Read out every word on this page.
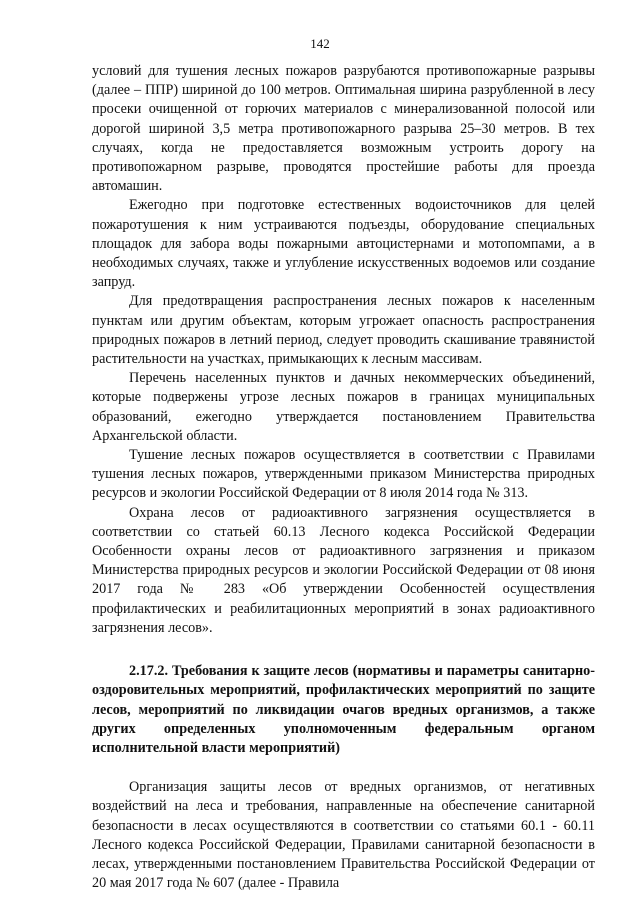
142

условий для тушения лесных пожаров разрубаются противопожарные разрывы (далее – ППР) шириной до 100 метров. Оптимальная ширина разрубленной в лесу просеки очищенной от горючих материалов с минерализованной полосой или дорогой шириной 3,5 метра противопожарного разрыва 25–30 метров. В тех случаях, когда не предоставляется возможным устроить дорогу на противопожарном разрыве, проводятся простейшие работы для проезда автомашин.

Ежегодно при подготовке естественных водоисточников для целей пожаротушения к ним устраиваются подъезды, оборудование специальных площадок для забора воды пожарными автоцистернами и мотопомпами, а в необходимых случаях, также и углубление искусственных водоемов или создание запруд.

Для предотвращения распространения лесных пожаров к населенным пунктам или другим объектам, которым угрожает опасность распространения природных пожаров в летний период, следует проводить скашивание травянистой растительности на участках, примыкающих к лесным массивам.

Перечень населенных пунктов и дачных некоммерческих объединений, которые подвержены угрозе лесных пожаров в границах муниципальных образований, ежегодно утверждается постановлением Правительства Архангельской области.

Тушение лесных пожаров осуществляется в соответствии с Правилами тушения лесных пожаров, утвержденными приказом Министерства природных ресурсов и экологии Российской Федерации от 8 июля 2014 года № 313.

Охрана лесов от радиоактивного загрязнения осуществляется в соответствии со статьей 60.13 Лесного кодекса Российской Федерации Особенности охраны лесов от радиоактивного загрязнения и приказом Министерства природных ресурсов и экологии Российской Федерации от 08 июня 2017 года № 283 «Об утверждении Особенностей осуществления профилактических и реабилитационных мероприятий в зонах радиоактивного загрязнения лесов».

2.17.2. Требования к защите лесов (нормативы и параметры санитарно-оздоровительных мероприятий, профилактических мероприятий по защите лесов, мероприятий по ликвидации очагов вредных организмов, а также других определенных уполномоченным федеральным органом исполнительной власти мероприятий)

Организация защиты лесов от вредных организмов, от негативных воздействий на леса и требования, направленные на обеспечение санитарной безопасности в лесах осуществляются в соответствии со статьями 60.1 - 60.11 Лесного кодекса Российской Федерации, Правилами санитарной безопасности в лесах, утвержденными постановлением Правительства Российской Федерации от 20 мая 2017 года № 607 (далее - Правила
